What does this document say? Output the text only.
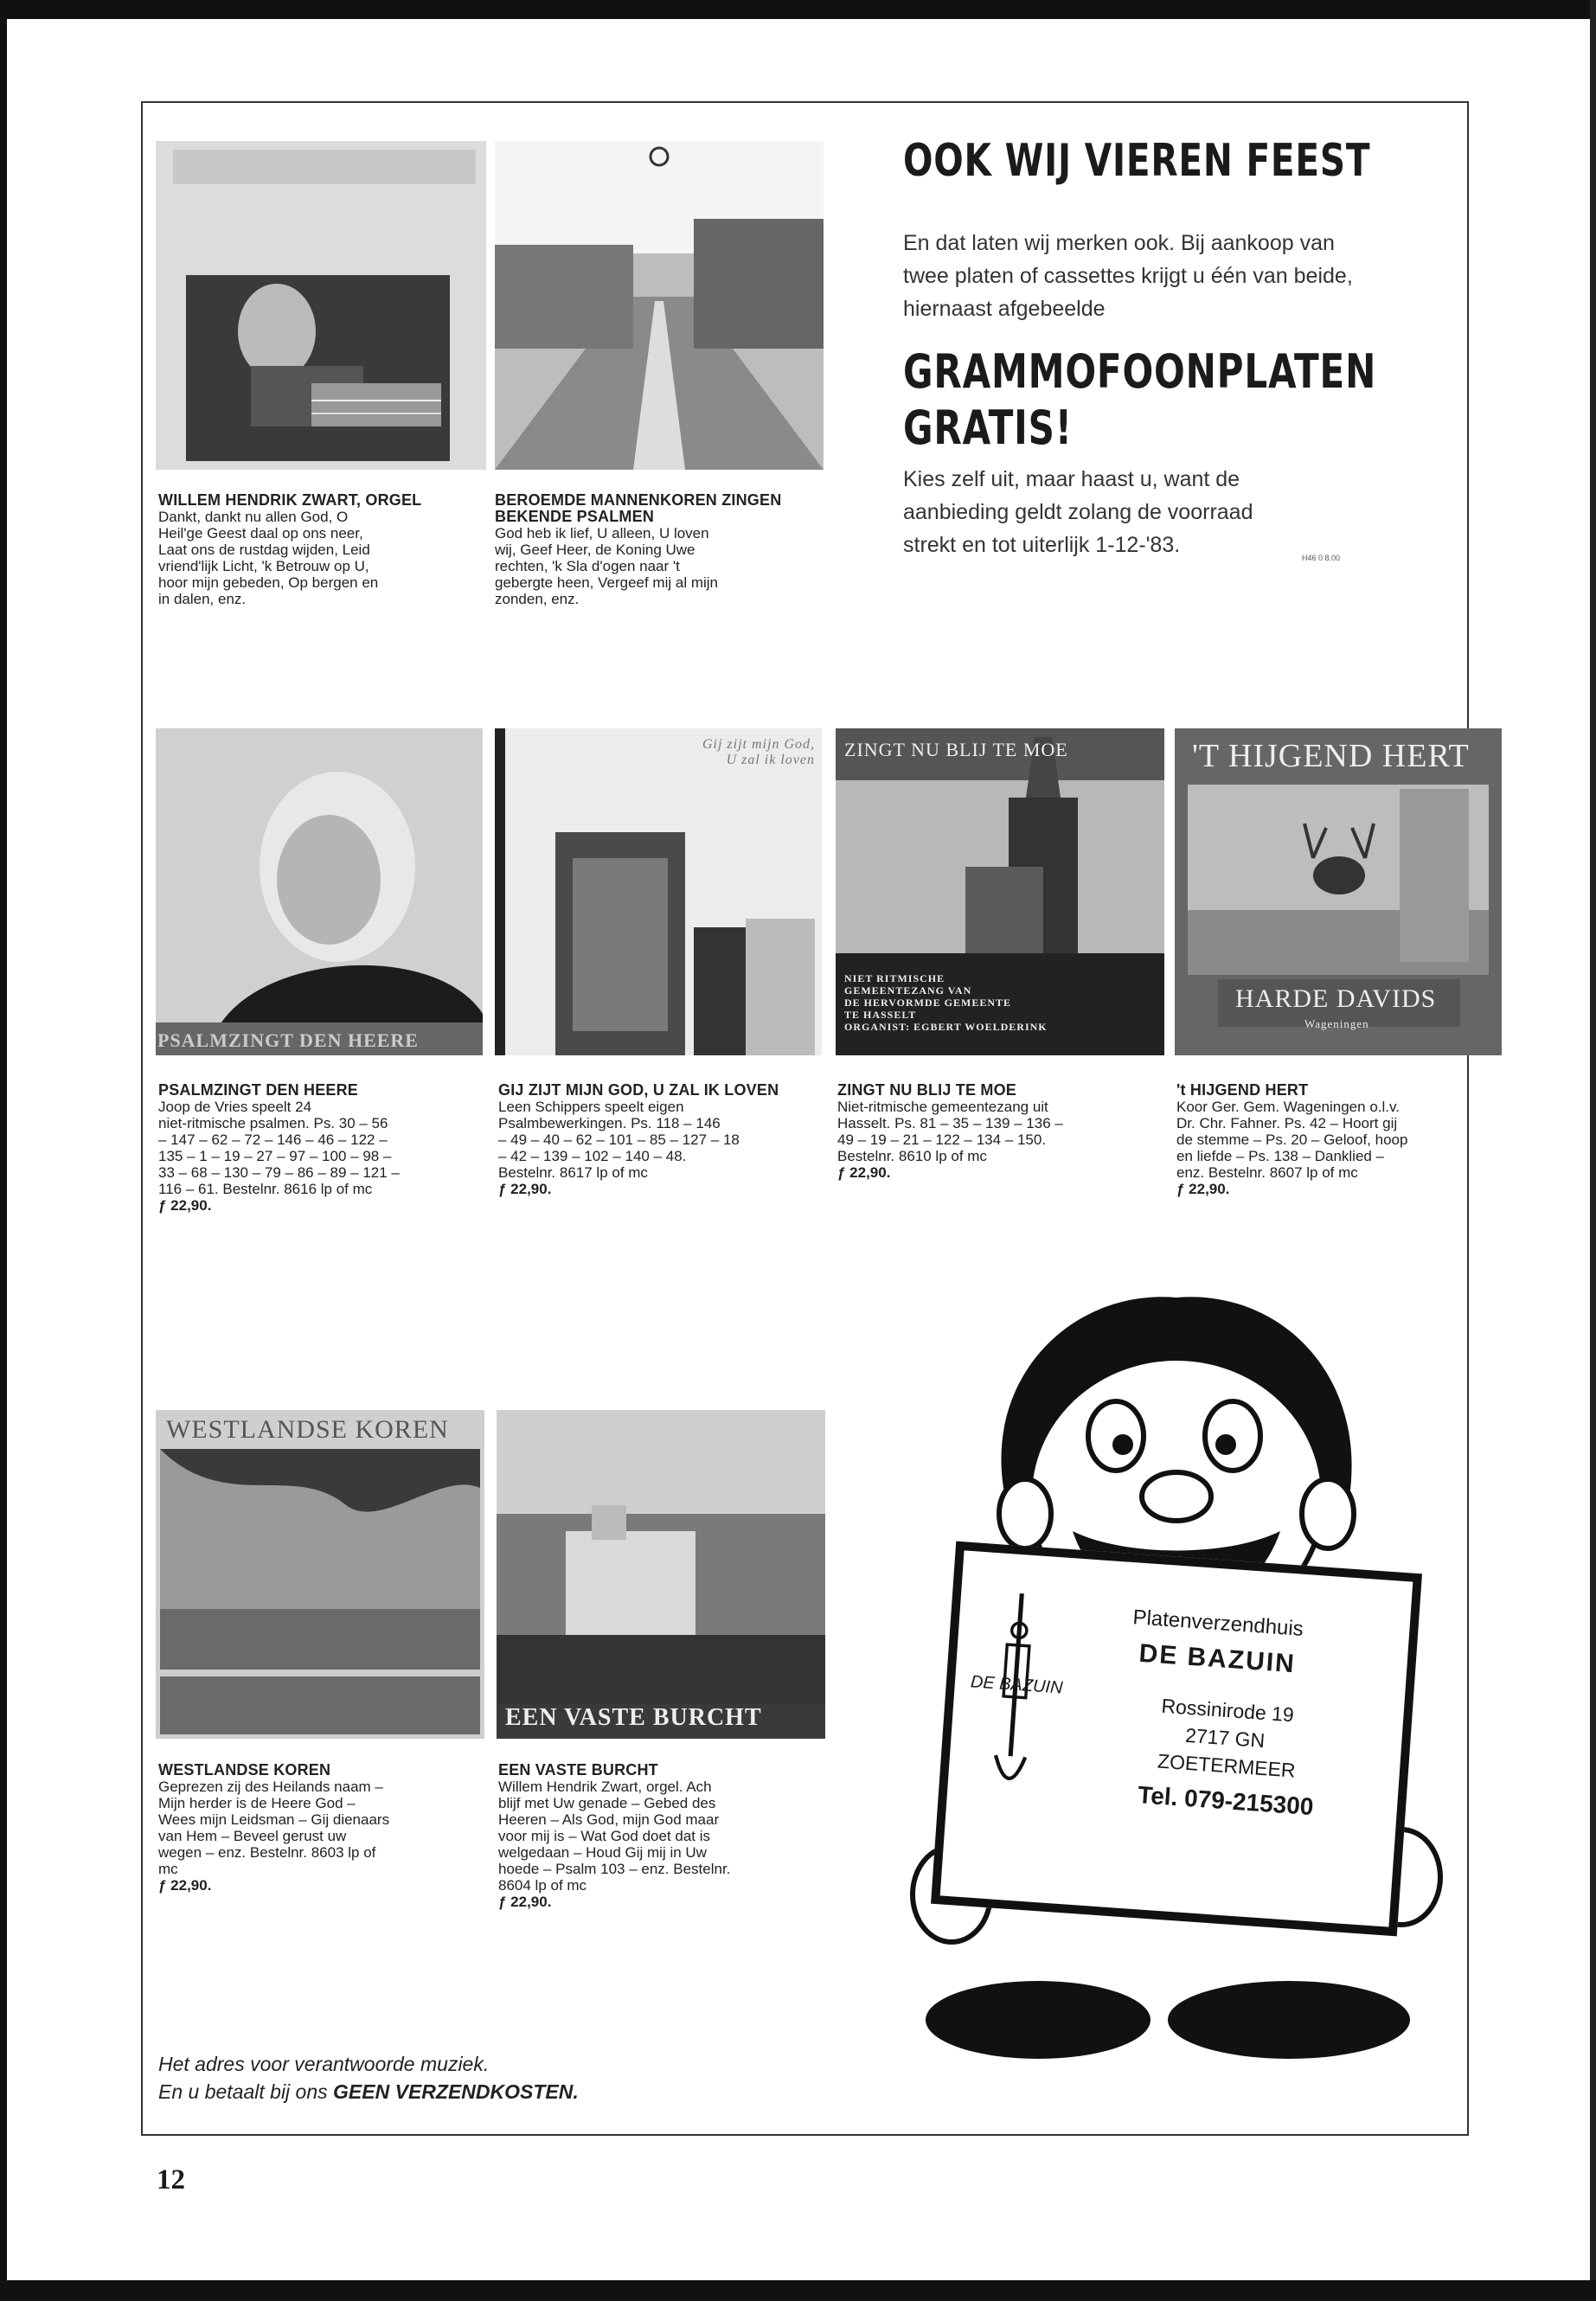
OOK WIJ VIEREN FEEST
En dat laten wij merken ook. Bij aankoop van
twee platen of cassettes krijgt u één van beide,
hiernaast afgebeelde
GRAMMOFOONPLATEN
GRATIS!
Kies zelf uit, maar haast u, want de
aanbieding geldt zolang de voorraad
strekt en tot uiterlijk 1-12-'83.
H46 0 8.00
WILLEM HENDRIK ZWART, ORGEL
Dankt, dankt nu allen God, O
Heil'ge Geest daal op ons neer,
Laat ons de rustdag wijden, Leid
vriend'lijk Licht, 'k Betrouw op U,
hoor mijn gebeden, Op bergen en
in dalen, enz.
BEROEMDE MANNENKOREN ZINGEN BEKENDE PSALMEN
God heb ik lief, U alleen, U loven
wij, Geef Heer, de Koning Uwe
rechten, 'k Sla d'ogen naar 't
gebergte heen, Vergeef mij al mijn
zonden, enz.
PSALMZINGT DEN HEERE
Gij zijt mijn God,
U zal ik loven ZINGT NU BLIJ TE MOE
NIET RITMISCHE
GEMEENTEZANG VAN
DE HERVORMDE GEMEENTE
TE HASSELT
ORGANIST: EGBERT WOELDERINK
'T HIJGEND HERT
HARDE DAVIDS
Wageningen
PSALMZINGT DEN HEERE
Joop de Vries speelt 24
niet-ritmische psalmen. Ps. 30 – 56
– 147 – 62 – 72 – 146 – 46 – 122 –
135 – 1 – 19 – 27 – 97 – 100 – 98 –
33 – 68 – 130 – 79 – 86 – 89 – 121 –
116 – 61. Bestelnr. 8616 lp of mc
ƒ 22,90.
GIJ ZIJT MIJN GOD, U ZAL IK LOVEN
Leen Schippers speelt eigen
Psalmbewerkingen. Ps. 118 – 146
– 49 – 40 – 62 – 101 – 85 – 127 – 18
– 42 – 139 – 102 – 140 – 48.
Bestelnr. 8617 lp of mc
ƒ 22,90.
ZINGT NU BLIJ TE MOE
Niet-ritmische gemeentezang uit
Hasselt. Ps. 81 – 35 – 139 – 136 –
49 – 19 – 21 – 122 – 134 – 150.
Bestelnr. 8610 lp of mc
ƒ 22,90.
't HIJGEND HERT
Koor Ger. Gem. Wageningen o.l.v.
Dr. Chr. Fahner. Ps. 42 – Hoort gij
de stemme – Ps. 20 – Geloof, hoop
en liefde – Ps. 138 – Danklied –
enz. Bestelnr. 8607 lp of mc
ƒ 22,90.
WESTLANDSE KOREN
EEN VASTE BURCHT
WESTLANDSE KOREN
Geprezen zij des Heilands naam –
Mijn herder is de Heere God –
Wees mijn Leidsman – Gij dienaars
van Hem – Beveel gerust uw
wegen – enz. Bestelnr. 8603 lp of
mc
ƒ 22,90.
EEN VASTE BURCHT
Willem Hendrik Zwart, orgel. Ach
blijf met Uw genade – Gebed des
Heeren – Als God, mijn God maar
voor mij is – Wat God doet dat is
welgedaan – Houd Gij mij in Uw
hoede – Psalm 103 – enz. Bestelnr.
8604 lp of mc
ƒ 22,90.
DE BAZUIN
Platenverzendhuis
DE BAZUIN
Rossinirode 19
2717 GN
ZOETERMEER
Tel. 079-215300
Het adres voor verantwoorde muziek.
En u betaalt bij ons GEEN VERZENDKOSTEN.
12
